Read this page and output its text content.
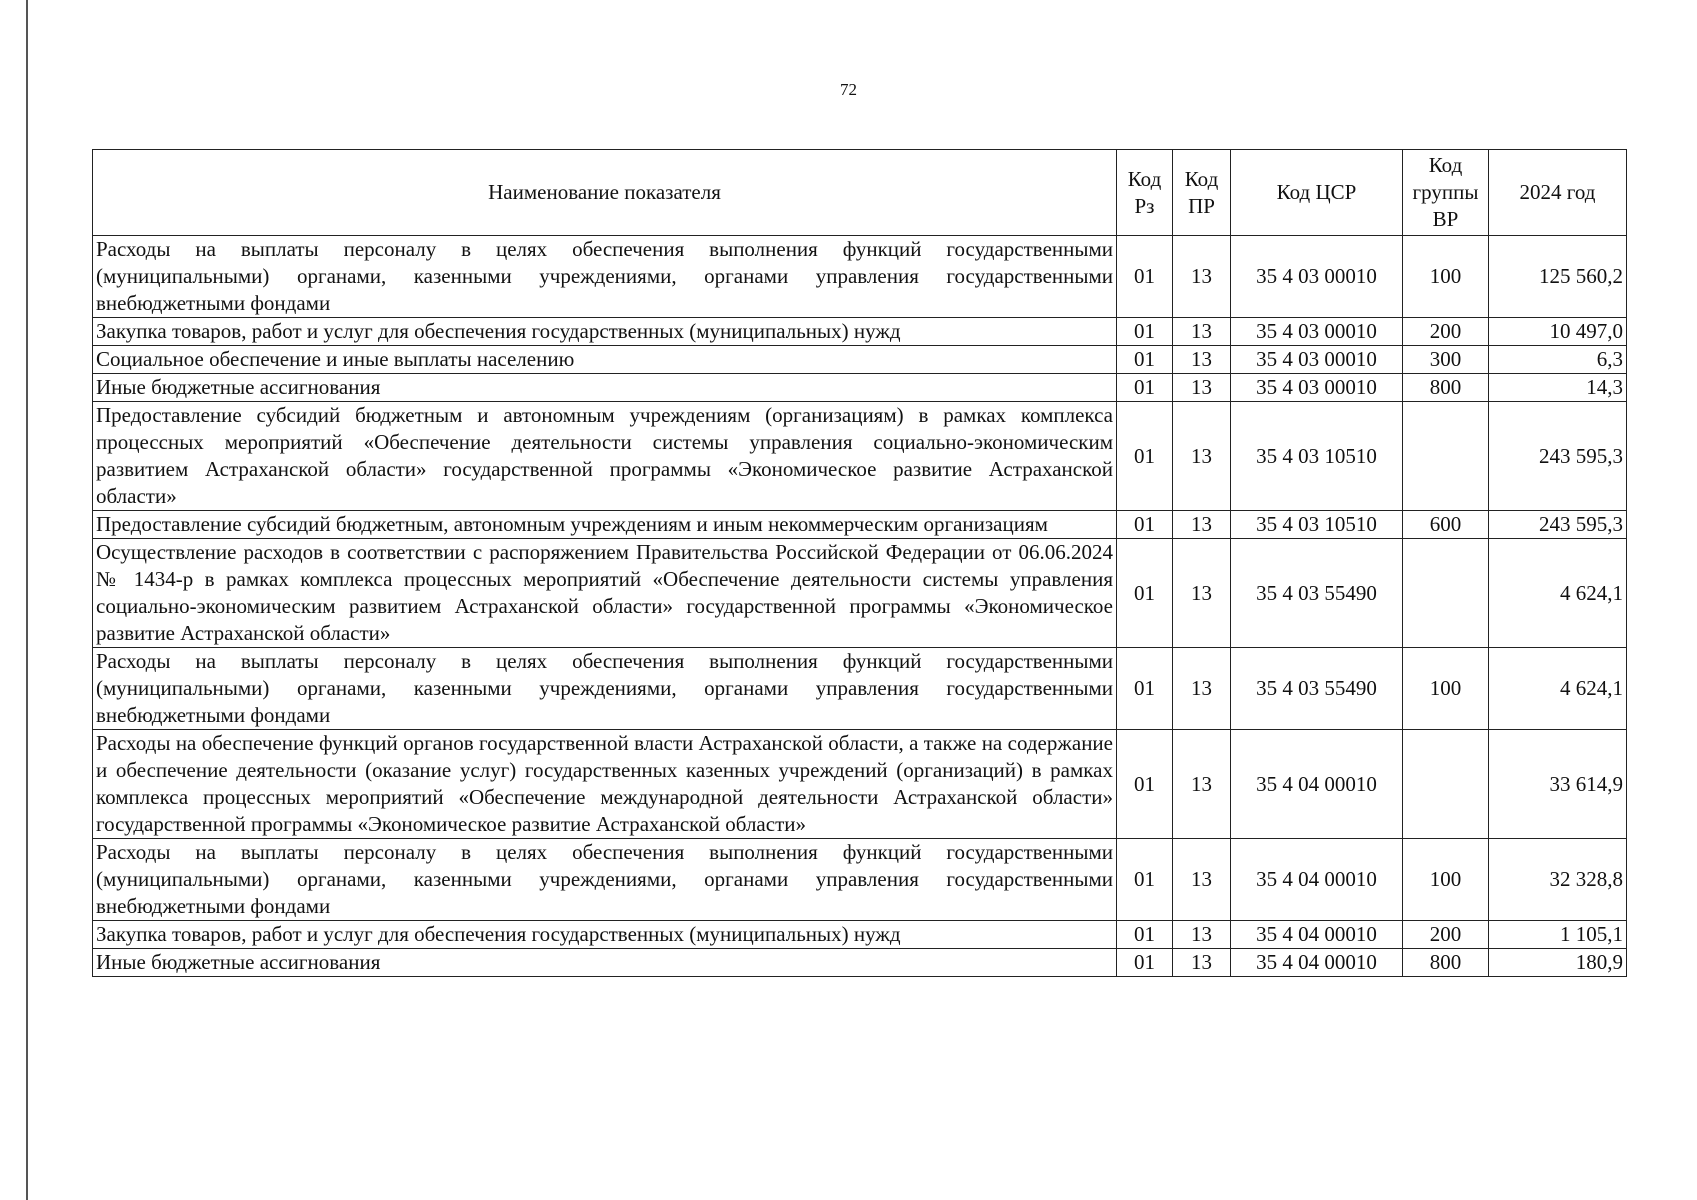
72
Наименование показателя	Код Рз	Код ПР	Код ЦСР	Код группы ВР	2024 год
Расходы на выплаты персоналу в целях обеспечения выполнения функций государственными (муниципальными) органами, казенными учреждениями, органами управления государственными внебюджетными фондами	01	13	35 4 03 00010	100	125 560,2
Закупка товаров, работ и услуг для обеспечения государственных (муниципальных) нужд	01	13	35 4 03 00010	200	10 497,0
Социальное обеспечение и иные выплаты населению	01	13	35 4 03 00010	300	6,3
Иные бюджетные ассигнования	01	13	35 4 03 00010	800	14,3
Предоставление субсидий бюджетным и автономным учреждениям (организациям) в рамках комплекса процессных мероприятий «Обеспечение деятельности системы управления социально-экономическим развитием Астраханской области» государственной программы «Экономическое развитие Астраханской области»	01	13	35 4 03 10510		243 595,3
Предоставление субсидий бюджетным, автономным учреждениям и иным некоммерческим организациям	01	13	35 4 03 10510	600	243 595,3
Осуществление расходов в соответствии с распоряжением Правительства Российской Федерации от 06.06.2024 № 1434-р в рамках комплекса процессных мероприятий «Обеспечение деятельности системы управления социально-экономическим развитием Астраханской области» государственной программы «Экономическое развитие Астраханской области»	01	13	35 4 03 55490		4 624,1
Расходы на выплаты персоналу в целях обеспечения выполнения функций государственными (муниципальными) органами, казенными учреждениями, органами управления государственными внебюджетными фондами	01	13	35 4 03 55490	100	4 624,1
Расходы на обеспечение функций органов государственной власти Астраханской области, а также на содержание и обеспечение деятельности (оказание услуг) государственных казенных учреждений (организаций) в рамках комплекса процессных мероприятий «Обеспечение международной деятельности Астраханской области» государственной программы «Экономическое развитие Астраханской области»	01	13	35 4 04 00010		33 614,9
Расходы на выплаты персоналу в целях обеспечения выполнения функций государственными (муниципальными) органами, казенными учреждениями, органами управления государственными внебюджетными фондами	01	13	35 4 04 00010	100	32 328,8
Закупка товаров, работ и услуг для обеспечения государственных (муниципальных) нужд	01	13	35 4 04 00010	200	1 105,1
Иные бюджетные ассигнования	01	13	35 4 04 00010	800	180,9
